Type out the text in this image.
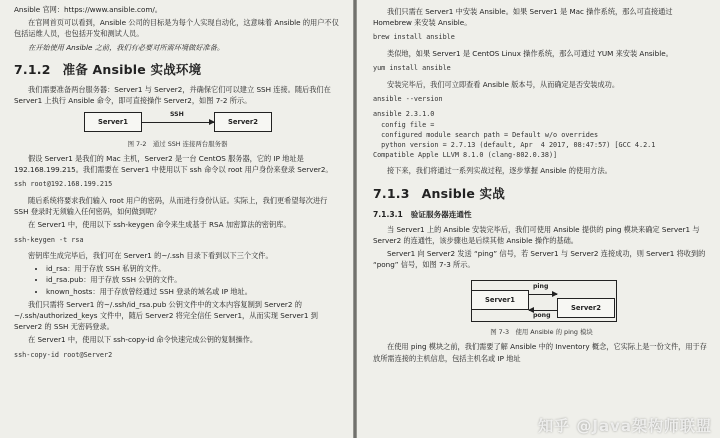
Ansible 官网：https://www.ansible.com/。

在官网首页可以看到，Ansible 公司的目标是为每个人实现自动化，这意味着 Ansible 的用户不仅包括运维人员，也包括开发和测试人员。

在开始使用 Ansible 之前，我们有必要对所需环境做好准备。

7.1.2 准备 Ansible 实战环境

我们需要准备两台服务器：Server1 与 Server2，并确保它们可以建立 SSH 连接。随后我们在 Server1 上执行 Ansible 命令，即可直接操作 Server2，如图 7-2 所示。

Server1
SSH
Server2
图 7-2　通过 SSH 连接两台服务器

假设 Server1 是我们的 Mac 主机，Server2 是一台 CentOS 服务器，它的 IP 地址是 192.168.199.215。我们需要在 Server1 中使用以下 ssh 命令以 root 用户身份来登录 Server2。

ssh root@192.168.199.215

随后系统将要求我们输入 root 用户的密码，从而进行身份认证。实际上，我们更希望每次进行 SSH 登录时无须输入任何密码，如何做到呢？

在 Server1 中，使用以下 ssh-keygen 命令来生成基于 RSA 加密算法的密钥库。

ssh-keygen -t rsa

密钥库生成完毕后，我们可在 Server1 的~/.ssh 目录下看到以下三个文件。

• id_rsa：用于存放 SSH 私钥的文件。
• id_rsa.pub：用于存放 SSH 公钥的文件。
• known_hosts：用于存放曾经通过 SSH 登录的域名或 IP 地址。

我们只需将 Server1 的~/.ssh/id_rsa.pub 公钥文件中的文本内容复制到 Server2 的~/.ssh/authorized_keys 文件中，随后 Server2 将完全信任 Server1，从而实现 Server1 到 Server2 的 SSH 无密码登录。

在 Server1 中，使用以下 ssh-copy-id 命令快速完成公钥的复制操作。

ssh-copy-id root@Server2

我们只需在 Server1 中安装 Ansible。如果 Server1 是 Mac 操作系统，那么可直接通过 Homebrew 来安装 Ansible。

brew install ansible

类似地，如果 Server1 是 CentOS Linux 操作系统，那么可通过 YUM 来安装 Ansible。

yum install ansible

安装完毕后，我们可立即查看 Ansible 版本号，从而确定是否安装成功。

ansible --version
ansible 2.3.1.0
config file =
configured module search path = Default w/o overrides
python version = 2.7.13 (default, Apr  4 2017, 08:47:57) [GCC 4.2.1
Compatible Apple LLVM 8.1.0 (clang-802.0.38)]

接下来，我们将通过一系列实战过程，逐步掌握 Ansible 的使用方法。

7.1.3 Ansible 实战
7.1.3.1 验证服务器连通性

当 Server1 上的 Ansible 安装完毕后，我们可使用 Ansible 提供的 ping 模块来确定 Server1 与 Server2 的连通性，该步骤也是后续其他 Ansible 操作的基础。

Server1 向 Server2 发送 “ping” 信号，若 Server1 与 Server2 连接成功，则 Server1 将收到的 “pong” 信号，如图 7-3 所示。

Server1
Server2
ping
pong
图 7-3　使用 Ansible 的 ping 模块

在使用 ping 模块之前，我们需要了解 Ansible 中的 Inventory 概念，它实际上是一份文件，用于存放所需连接的主机信息，包括主机名或 IP 地址

知乎 @Java架构师联盟
